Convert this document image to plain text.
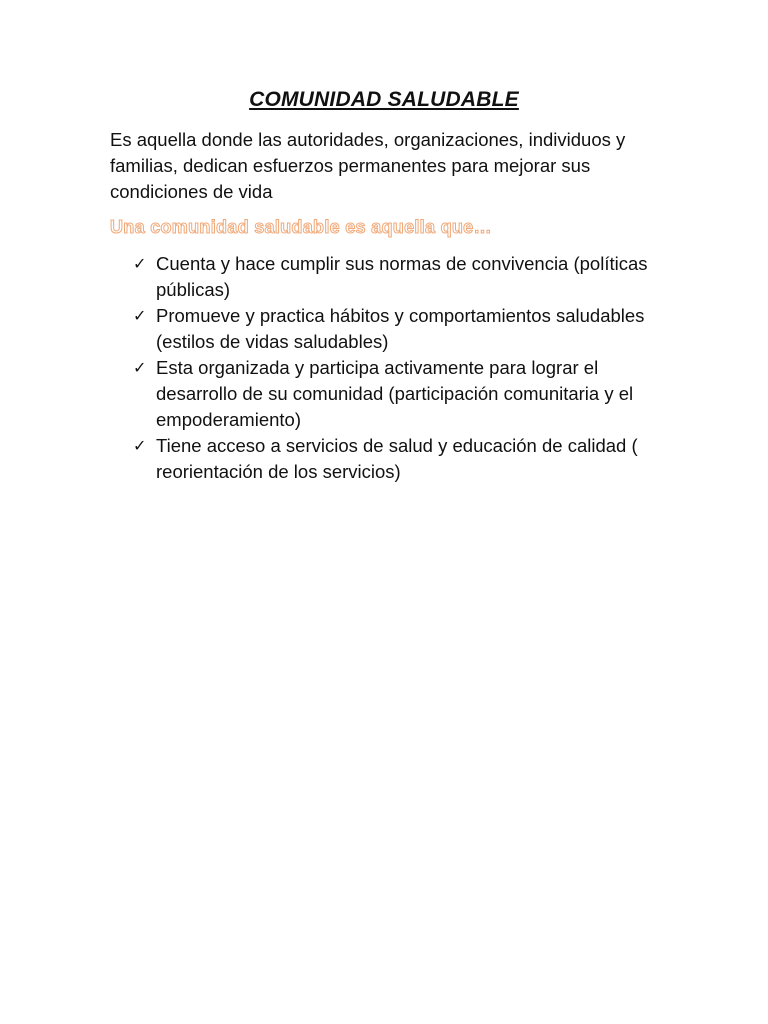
COMUNIDAD SALUDABLE

Es aquella donde las autoridades, organizaciones, individuos y familias, dedican esfuerzos permanentes para mejorar sus condiciones de vida

Una comunidad saludable es aquella que…
✓ Cuenta y hace cumplir sus normas de convivencia (políticas públicas)
✓ Promueve y practica hábitos y comportamientos saludables (estilos de vidas saludables)
✓ Esta organizada y participa activamente para lograr el desarrollo de su comunidad (participación comunitaria y el empoderamiento)
✓ Tiene acceso a servicios de salud y educación de calidad ( reorientación de los servicios)
